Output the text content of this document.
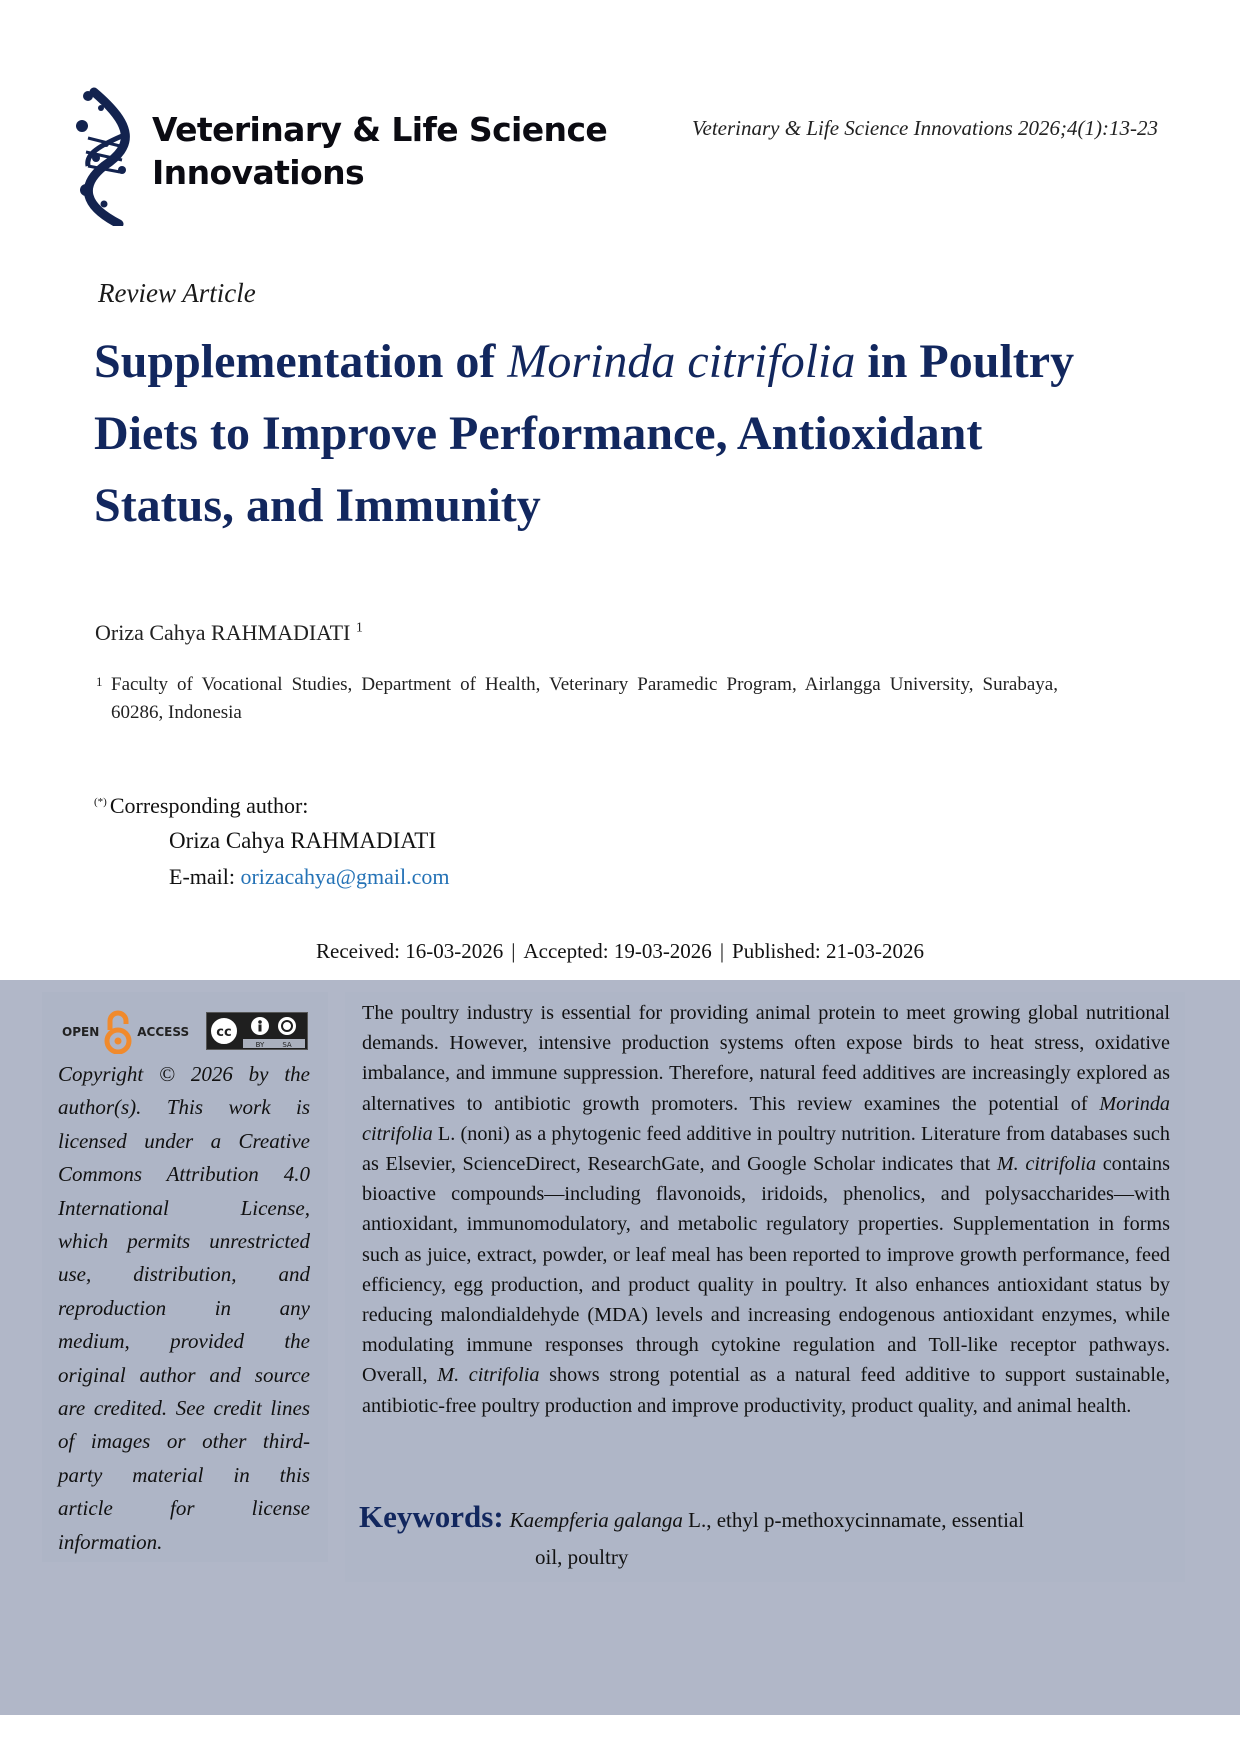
Veterinary & Life Science
Innovations
Veterinary & Life Science Innovations 2026;4(1):13-23
Review Article
Supplementation of Morinda citrifolia in Poultry Diets to Improve Performance, Antioxidant Status, and Immunity
Oriza Cahya RAHMADIATI $^1$
1 Faculty of Vocational Studies, Department of Health, Veterinary Paramedic Program, Airlangga University, Surabaya, 60286, Indonesia
(*) Corresponding author:
Oriza Cahya RAHMADIATI
E-mail: orizacahya@gmail.com
Received: 16-03-2026 | Accepted: 19-03-2026 | Published: 21-03-2026
OPEN	ACCESS cc
BY	SA
Copyright © 2026 by the
author(s). This work is
licensed under a Creative
Commons Attribution 4.0
International License,
which permits unrestricted
use, distribution, and
reproduction in any
medium, provided the
original author and source
are credited. See credit lines
of images or other third-
party material in this
article for license
information.
The poultry industry is essential for providing animal protein to meet growing global nutritional demands. However, intensive production systems often expose birds to heat stress, oxidative imbalance, and immune suppression. Therefore, natural feed additives are increasingly explored as alternatives to antibiotic growth promoters. This review examines the potential of Morinda citrifolia L. (noni) as a phytogenic feed additive in poultry nutrition. Literature from databases such as Elsevier, ScienceDirect, ResearchGate, and Google Scholar indicates that M. citrifolia contains bioactive compounds—including flavonoids, iridoids, phenolics, and polysaccharides—with antioxidant, immunomodulatory, and metabolic regulatory properties. Supplementation in forms such as juice, extract, powder, or leaf meal has been reported to improve growth performance, feed efficiency, egg production, and product quality in poultry. It also enhances antioxidant status by reducing malondialdehyde (MDA) levels and increasing endogenous antioxidant enzymes, while modulating immune responses through cytokine regulation and Toll-like receptor pathways. Overall, M. citrifolia shows strong potential as a natural feed additive to support sustainable, antibiotic-free poultry production and improve productivity, product quality, and animal health.
Keywords: Kaempferia galanga L., ethyl p-methoxycinnamate, essential
oil, poultry
